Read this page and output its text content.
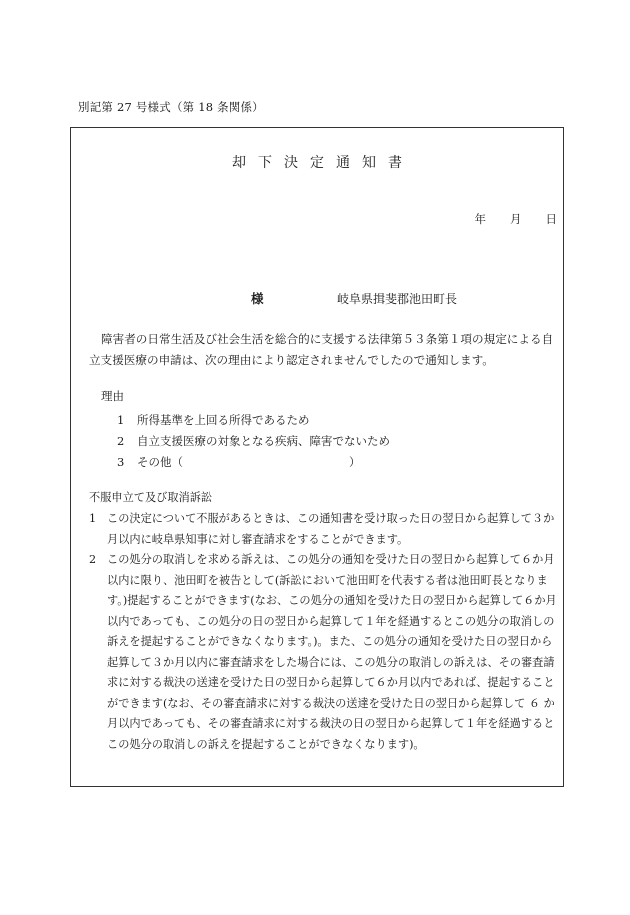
別記第 27 号様式（第 18 条関係）
却下決定通知書
年 月 日
様	岐阜県揖斐郡池田町長
障害者の日常生活及び社会生活を総合的に支援する法律第５３条第１項の規定による自立支援医療の申請は、次の理由により認定されませんでしたので通知します。
理由
1	所得基準を上回る所得であるため
2	自立支援医療の対象となる疾病、障害でないため
3	その他（	）
不服申立て及び取消訴訟
1 この決定について不服があるときは、この通知書を受け取った日の翌日から起算して３か月以内に岐阜県知事に対し審査請求をすることができます。
2 この処分の取消しを求める訴えは、この処分の通知を受けた日の翌日から起算して６か月以内に限り、池田町を被告として(訴訟において池田町を代表する者は池田町長となります。)提起することができます(なお、この処分の通知を受けた日の翌日から起算して６か月以内であっても、この処分の日の翌日から起算して１年を経過するとこの処分の取消しの訴えを提起することができなくなります。)。また、この処分の通知を受けた日の翌日から起算して３か月以内に審査請求をした場合には、この処分の取消しの訴えは、その審査請求に対する裁決の送達を受けた日の翌日から起算して６か月以内であれば、提起することができます(なお、その審査請求に対する裁決の送達を受けた日の翌日から起算して ６ か月以内であっても、その審査請求に対する裁決の日の翌日から起算して１年を経過するとこの処分の取消しの訴えを提起することができなくなります)。
